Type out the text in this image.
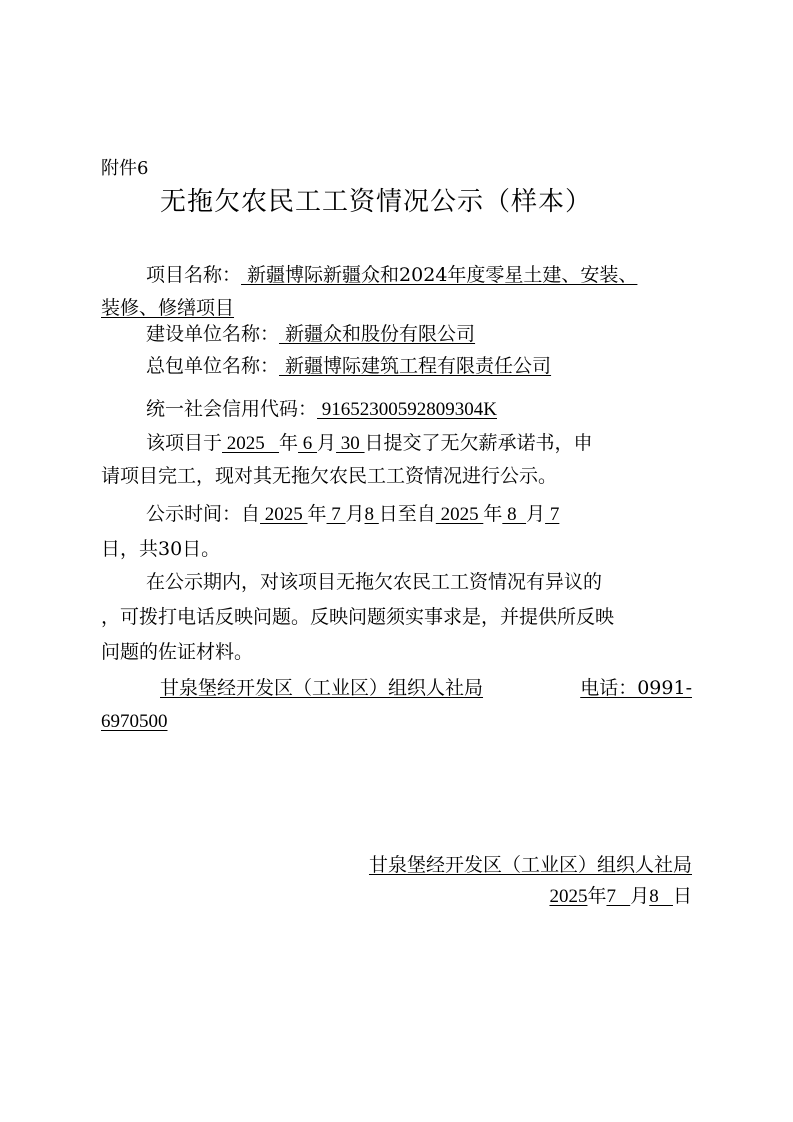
附件6
无拖欠农民工工资情况公示（样本）
项目名称： 新疆博际新疆众和2024年度零星土建、安装、
装修、修缮项目
建设单位名称： 新疆众和股份有限公司
总包单位名称： 新疆博际建筑工程有限责任公司
统一社会信用代码： 91652300592809304K
该项目于 2025   年 6 月 30 日提交了无欠薪承诺书，申
请项目完工，现对其无拖欠农民工工资情况进行公示。
公示时间：自 2025 年 7 月8 日至自 2025 年 8  月 7
日，共30日。
在公示期内，对该项目无拖欠农民工工资情况有异议的
，可拨打电话反映问题。反映问题须实事求是，并提供所反映
问题的佐证材料。
甘泉堡经开发区（工业区）组织人社局	电话：0991-
6970500
甘泉堡经开发区（工业区）组织人社局
2025年7   月8   日
